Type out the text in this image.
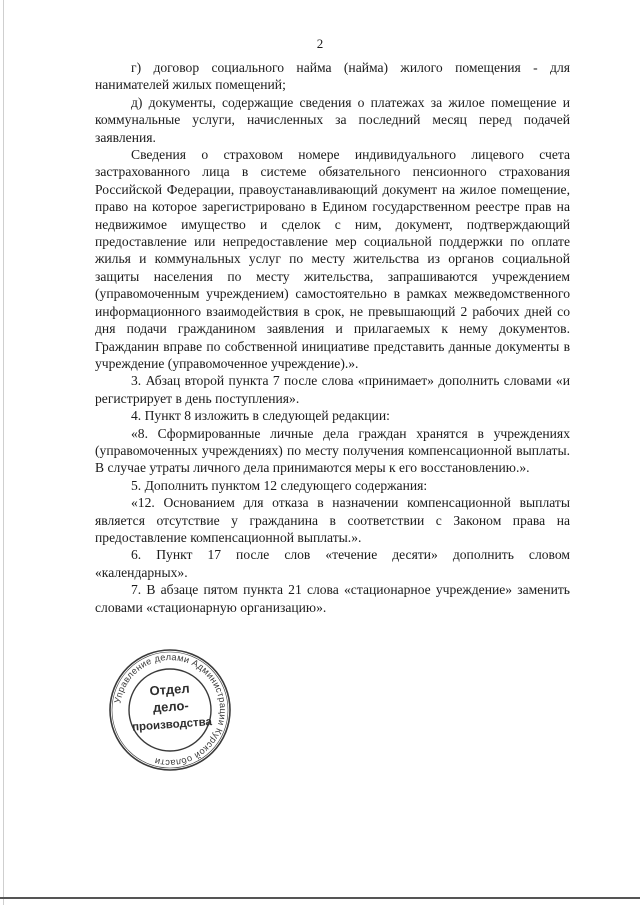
2

г) договор социального найма (найма) жилого помещения - для нанимателей жилых помещений;

д) документы, содержащие сведения о платежах за жилое помещение и коммунальные услуги, начисленных за последний месяц перед подачей заявления.

Сведения о страховом номере индивидуального лицевого счета застрахованного лица в системе обязательного пенсионного страхования Российской Федерации, правоустанавливающий документ на жилое помещение, право на которое зарегистрировано в Едином государственном реестре прав на недвижимое имущество и сделок с ним, документ, подтверждающий предоставление или непредоставление мер социальной поддержки по оплате жилья и коммунальных услуг по месту жительства из органов социальной защиты населения по месту жительства, запрашиваются учреждением (управомоченным учреждением) самостоятельно в рамках межведомственного информационного взаимодействия в срок, не превышающий 2 рабочих дней со дня подачи гражданином заявления и прилагаемых к нему документов. Гражданин вправе по собственной инициативе представить данные документы в учреждение (управомоченное учреждение).».

3. Абзац второй пункта 7 после слова «принимает» дополнить словами «и регистрирует в день поступления».

4. Пункт 8 изложить в следующей редакции:

«8. Сформированные личные дела граждан хранятся в учреждениях (управомоченных учреждениях) по месту получения компенсационной выплаты. В случае утраты личного дела принимаются меры к его восстановлению.».

5. Дополнить пунктом 12 следующего содержания:

«12. Основанием для отказа в назначении компенсационной выплаты является отсутствие у гражданина в соответствии с Законом права на предоставление компенсационной выплаты.».

6. Пункт 17 после слов «течение десяти» дополнить словом «календарных».

7. В абзаце пятом пункта 21 слова «стационарное учреждение» заменить словами «стационарную организацию».

Управление делами Администрации Курской области
Отдел
дело-
производства
